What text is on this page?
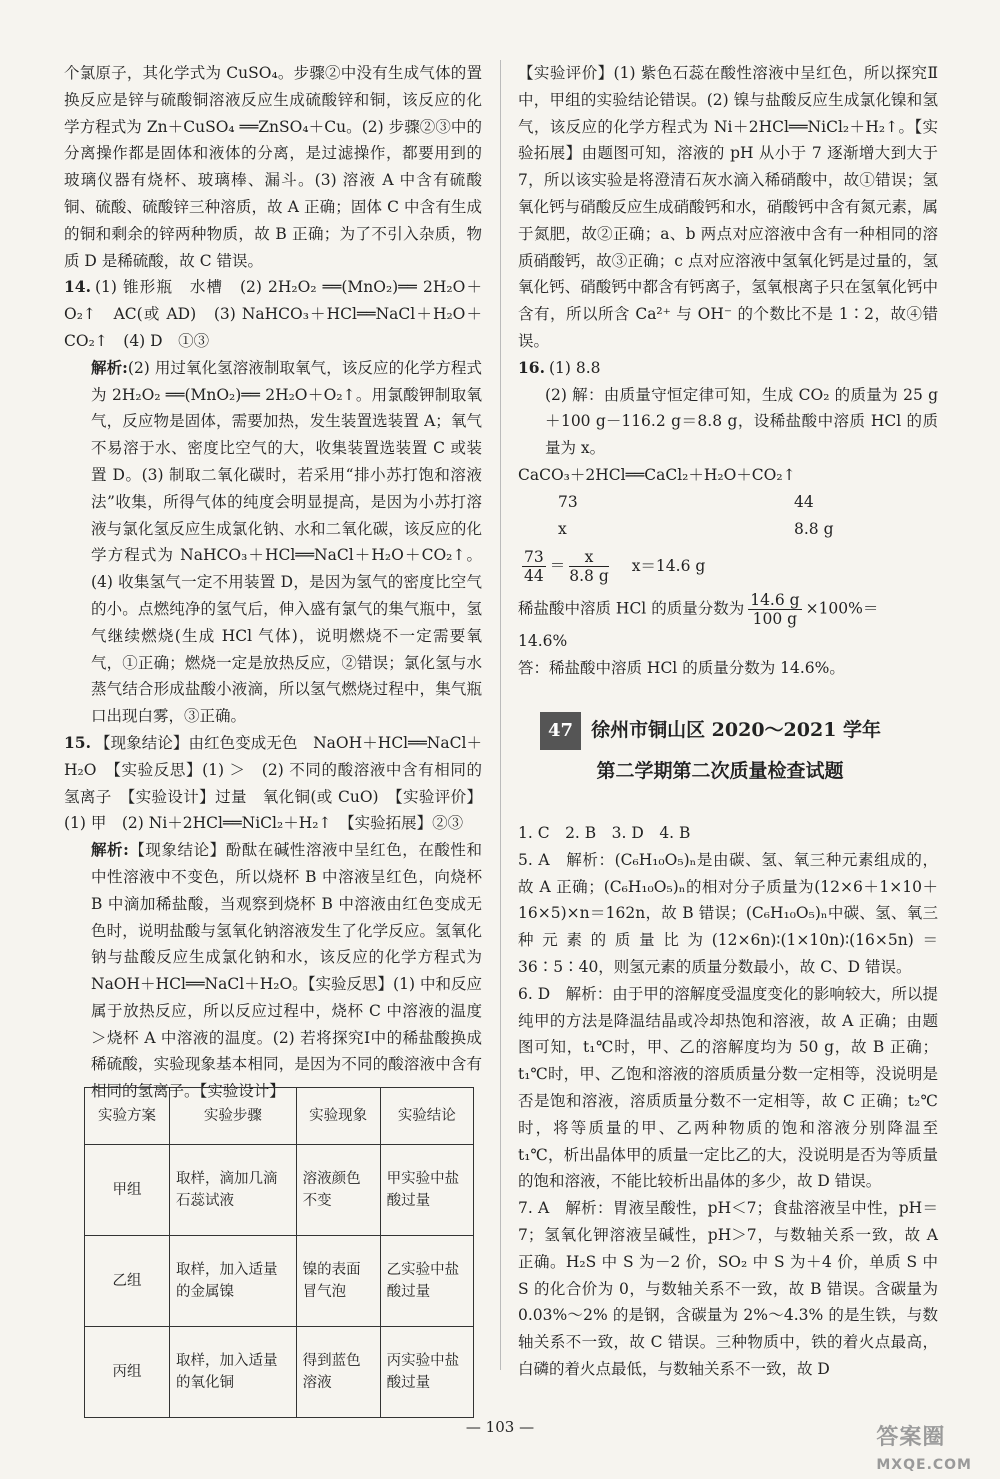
个氯原子，其化学式为 CuSO₄。步骤②中没有生成气体的置换反应是锌与硫酸铜溶液反应生成硫酸锌和铜，该反应的化学方程式为 Zn＋CuSO₄ ══ZnSO₄＋Cu。(2) 步骤②③中的分离操作都是固体和液体的分离，是过滤操作，都要用到的玻璃仪器有烧杯、玻璃棒、漏斗。(3) 溶液 A 中含有硫酸铜、硫酸、硫酸锌三种溶质，故 A 正确；固体 C 中含有生成的铜和剩余的锌两种物质，故 B 正确；为了不引入杂质，物质 D 是稀硫酸，故 C 错误。

14. (1) 锥形瓶　水槽　(2) 2H₂O₂ ══(MnO₂)══ 2H₂O＋O₂↑　AC(或 AD)　(3) NaHCO₃＋HCl══NaCl＋H₂O＋CO₂↑　(4) D　①③

解析:(2) 用过氧化氢溶液制取氧气，该反应的化学方程式为 2H₂O₂ ══(MnO₂)══ 2H₂O＋O₂↑。用氯酸钾制取氧气，反应物是固体，需要加热，发生装置选装置 A；氧气不易溶于水、密度比空气的大，收集装置选装置 C 或装置 D。(3) 制取二氧化碳时，若采用“排小苏打饱和溶液法”收集，所得气体的纯度会明显提高，是因为小苏打溶液与氯化氢反应生成氯化钠、水和二氧化碳，该反应的化学方程式为 NaHCO₃＋HCl══NaCl＋H₂O＋CO₂↑。(4) 收集氢气一定不用装置 D，是因为氢气的密度比空气的小。点燃纯净的氢气后，伸入盛有氯气的集气瓶中，氢气继续燃烧(生成 HCl 气体)，说明燃烧不一定需要氧气，①正确；燃烧一定是放热反应，②错误；氯化氢与水蒸气结合形成盐酸小液滴，所以氢气燃烧过程中，集气瓶口出现白雾，③正确。

15. 【现象结论】由红色变成无色　NaOH＋HCl══NaCl＋H₂O　【实验反思】(1) ＞　(2) 不同的酸溶液中含有相同的氢离子　【实验设计】过量　氧化铜(或 CuO)　【实验评价】(1) 甲　(2) Ni＋2HCl══NiCl₂＋H₂↑　【实验拓展】②③

解析:【现象结论】酚酞在碱性溶液中呈红色，在酸性和中性溶液中不变色，所以烧杯 B 中溶液呈红色，向烧杯 B 中滴加稀盐酸，当观察到烧杯 B 中溶液由红色变成无色时，说明盐酸与氢氧化钠溶液发生了化学反应。氢氧化钠与盐酸反应生成氯化钠和水，该反应的化学方程式为 NaOH＋HCl══NaCl＋H₂O。【实验反思】(1) 中和反应属于放热反应，所以反应过程中，烧杯 C 中溶液的温度＞烧杯 A 中溶液的温度。(2) 若将探究Ⅰ中的稀盐酸换成稀硫酸，实验现象基本相同，是因为不同的酸溶液中含有相同的氢离子。【实验设计】

实验方案	实验步骤	实验现象	实验结论
甲组	取样，滴加几滴石蕊试液	溶液颜色不变	甲实验中盐酸过量
乙组	取样，加入适量的金属镍	镍的表面冒气泡	乙实验中盐酸过量
丙组	取样，加入适量的氧化铜	得到蓝色溶液	丙实验中盐酸过量

【实验评价】(1) 紫色石蕊在酸性溶液中呈红色，所以探究Ⅱ中，甲组的实验结论错误。(2) 镍与盐酸反应生成氯化镍和氢气，该反应的化学方程式为 Ni＋2HCl══NiCl₂＋H₂↑。【实验拓展】由题图可知，溶液的 pH 从小于 7 逐渐增大到大于 7，所以该实验是将澄清石灰水滴入稀硝酸中，故①错误；氢氧化钙与硝酸反应生成硝酸钙和水，硝酸钙中含有氮元素，属于氮肥，故②正确；a、b 两点对应溶液中含有一种相同的溶质硝酸钙，故③正确；c 点对应溶液中氢氧化钙是过量的，氢氧化钙、硝酸钙中都含有钙离子，氢氧根离子只在氢氧化钙中含有，所以所含 Ca²⁺ 与 OH⁻ 的个数比不是 1∶2，故④错误。

16. (1) 8.8

(2) 解：由质量守恒定律可知，生成 CO₂ 的质量为 25 g＋100 g－116.2 g＝8.8 g，设稀盐酸中溶质 HCl 的质量为 x。

CaCO₃＋2HCl══CaCl₂＋H₂O＋CO₂↑

73	44
x	8.8 g
$\frac{73}{44} = \frac{x}{8.8 g} x=14.6$ g
稀盐酸中溶质 HCl 的质量分数为 $\frac{14.6 g}{100 g} \times 100\%=$

14.6%

答：稀盐酸中溶质 HCl 的质量分数为 14.6%。

47 徐州市铜山区 2020～2021 学年
第二学期第二次质量检查试题

1. C　2. B　3. D　4. B

5. A　解析：(C₆H₁₀O₅)ₙ是由碳、氢、氧三种元素组成的，故 A 正确；(C₆H₁₀O₅)ₙ的相对分子质量为(12×6＋1×10＋16×5)×n＝162n，故 B 错误；(C₆H₁₀O₅)ₙ中碳、氢、氧三种元素的质量比为(12×6n)∶(1×10n)∶(16×5n)＝36∶5∶40，则氢元素的质量分数最小，故 C、D 错误。

6. D　解析：由于甲的溶解度受温度变化的影响较大，所以提纯甲的方法是降温结晶或冷却热饱和溶液，故 A 正确；由题图可知，t₁℃时，甲、乙的溶解度均为 50 g，故 B 正确；t₁℃时，甲、乙饱和溶液的溶质质量分数一定相等，没说明是否是饱和溶液，溶质质量分数不一定相等，故 C 正确；t₂℃时，将等质量的甲、乙两种物质的饱和溶液分别降温至 t₁℃，析出晶体甲的质量一定比乙的大，没说明是否为等质量的饱和溶液，不能比较析出晶体的多少，故 D 错误。

7. A　解析：胃液呈酸性，pH＜7；食盐溶液呈中性，pH＝7；氢氧化钾溶液呈碱性，pH＞7，与数轴关系一致，故 A 正确。H₂S 中 S 为－2 价，SO₂ 中 S 为＋4 价，单质 S 中 S 的化合价为 0，与数轴关系不一致，故 B 错误。含碳量为 0.03%～2% 的是钢，含碳量为 2%～4.3% 的是生铁，与数轴关系不一致，故 C 错误。三种物质中，铁的着火点最高，白磷的着火点最低，与数轴关系不一致，故 D

— 103 —	答案圈
MXQE.COM
